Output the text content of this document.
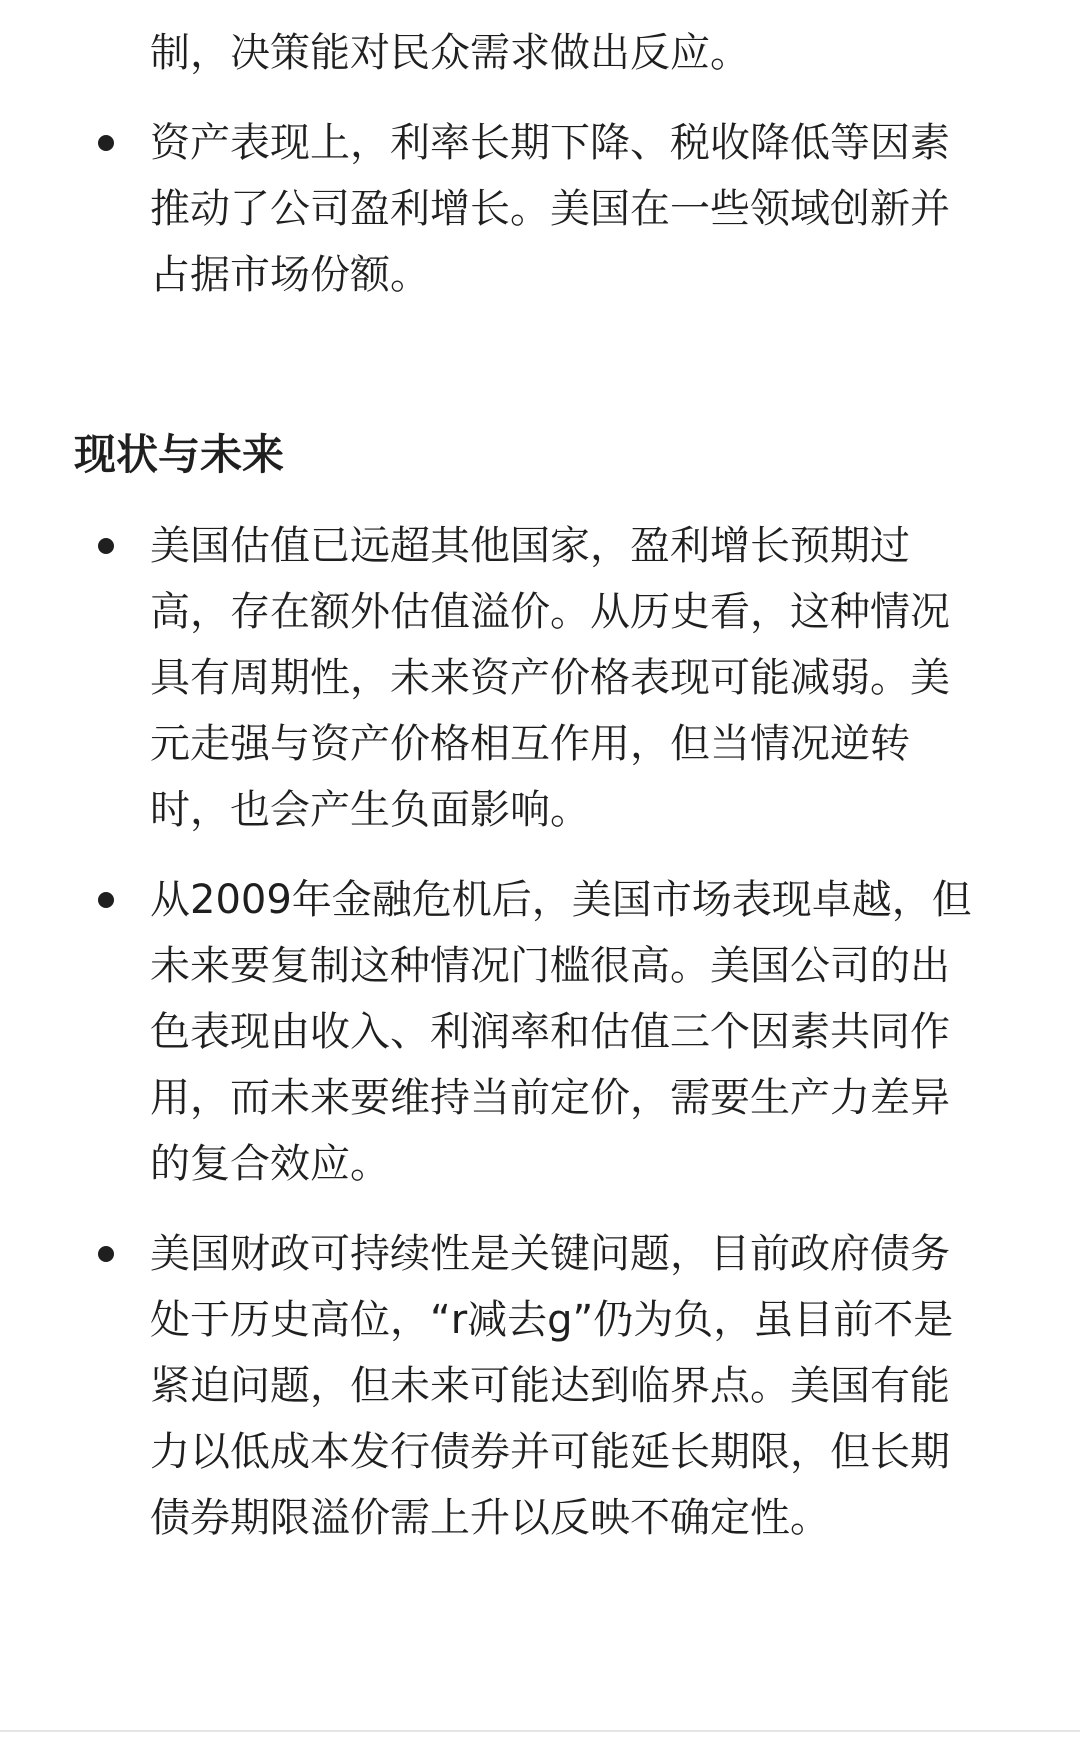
制，决策能对民众需求做出反应。

资产表现上，利率长期下降、税收降低等因素推动了公司盈利增长。美国在一些领域创新并占据市场份额。

现状与未来

美国估值已远超其他国家，盈利增长预期过高，存在额外估值溢价。从历史看，这种情况具有周期性，未来资产价格表现可能减弱。美元走强与资产价格相互作用，但当情况逆转时，也会产生负面影响。

从2009年金融危机后，美国市场表现卓越，但未来要复制这种情况门槛很高。美国公司的出色表现由收入、利润率和估值三个因素共同作用，而未来要维持当前定价，需要生产力差异的复合效应。

美国财政可持续性是关键问题，目前政府债务处于历史高位，“r减去g”仍为负，虽目前不是紧迫问题，但未来可能达到临界点。美国有能力以低成本发行债券并可能延长期限，但长期债券期限溢价需上升以反映不确定性。
